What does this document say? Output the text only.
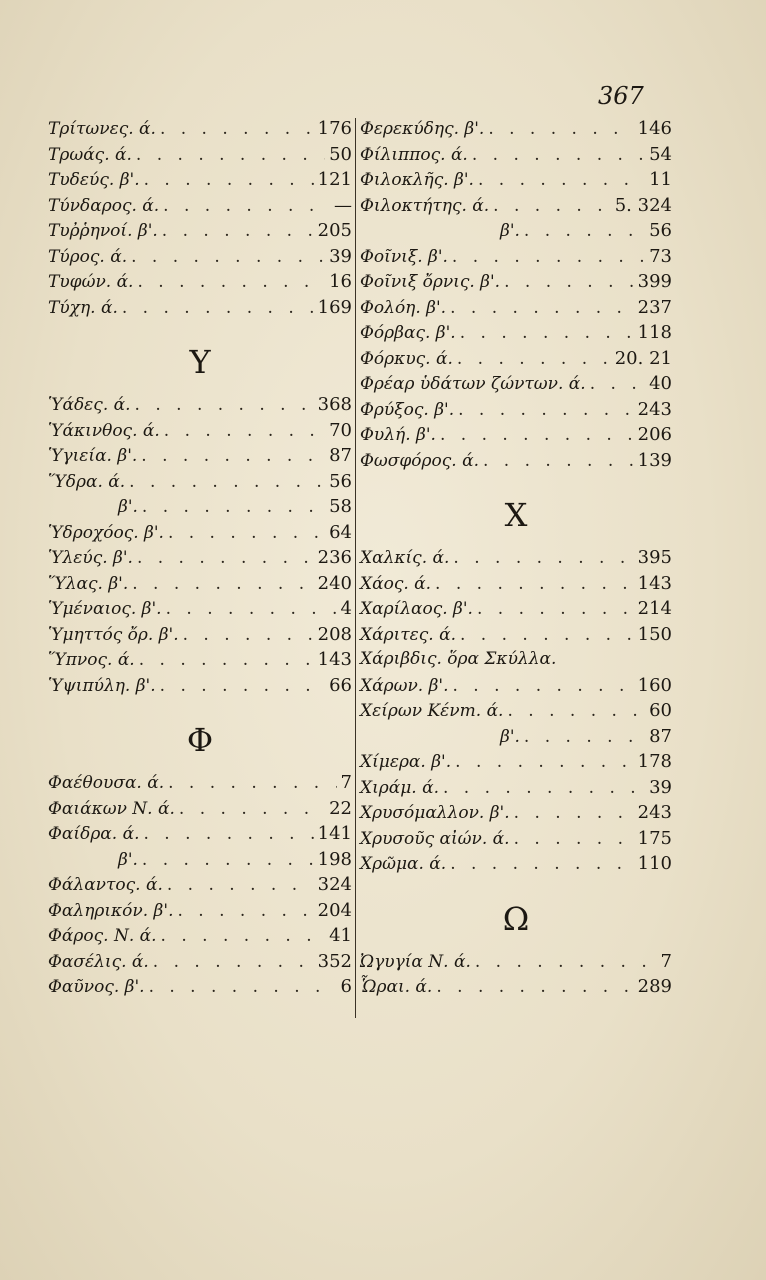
367
Τρίτωνες. ά. . . .	176
Τρωάς. ά. . . .	50
Τυδεύς. β'. . . .	121
Τύνδαρος. ά. . . .	—
Τυῤῥηνοί. β'. . . .	205
Τύρος. ά. . . .	39
Τυφών. ά. . . .	16
Τύχη. ά. . . .	169
Υ
Ὑάδες. ά. . . .	368
Ὑάκινθος. ά. . . .	70
Ὑγιεία. β'. . . .	87
Ὕδρα. ά. . . .	56
β'. . . .	58
Ὑδροχόος. β'. . . .	64
Ὑλεύς. β'. . . .	236
Ὕλας. β'. . . .	240
Ὑμέναιος. β'. . . .	4
Ὑμηττός ὄρ. β'. . . .	208
Ὕπνος. ά. . . .	143
Ὑψιπύλη. β'. . . .	66
Φ
Φαέθουσα. ά. . . .	7
Φαιάκων Ν. ά. . . .	22
Φαίδρα. ά. . . .	141
β'. . . .	198
Φάλαντος. ά. . . .	324
Φαληρικόν. β'. . . .	204
Φάρος. Ν. ά. . . .	41
Φασέλις. ά. . . .	352
Φαῦνος. β'. . . .	6
Φερεκύδης. β'. . . .	146
Φίλιππος. ά. . . .	54
Φιλοκλῆς. β'. . . .	11
Φιλοκτήτης. ά. . . .	5. 324
β'. . . .	56
Φοῖνιξ. β'. . . .	73
Φοῖνιξ ὄρνις. β'. . . .	399
Φολόη. β'. . . .	237
Φόρβας. β'. . . .	118
Φόρκυς. ά. . . .	20. 21
Φρέαρ ὑδάτων ζώντων. ά. . . .	40
Φρύξος. β'. . . .	243
Φυλή. β'. . . .	206
Φωσφόρος. ά. . . .	139
Χ
Χαλκίς. ά. . . .	395
Χάος. ά. . . .	143
Χαρίλαος. β'. . . .	214
Χάριτες. ά. . . .	150
Χάριβδις. ὅρα Σκύλλα.
Χάρων. β'. . . .	160
Χείρων Κένт. ά. . . .	60
β'. . . .	87
Χίμερα. β'. . . .	178
Χιράμ. ά. . . .	39
Χρυσόμαλλον. β'. . . .	243
Χρυσοῦς αἰών. ά. . . .	175
Χρῶμα. ά. . . .	110
Ω
Ὠγυγία Ν. ά. . . .	7
Ὧραι. ά. . . .	289
